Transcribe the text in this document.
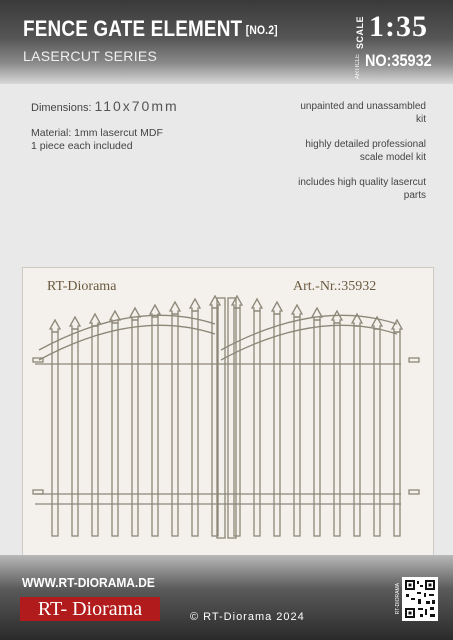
FENCE GATE ELEMENT [NO.2]
LASERCUT SERIES
SCALE 1:35
ARTICLE NO:35932
Dimensions: 110x70mm
Material: 1mm lasercut MDF
1 piece each included

unpainted and unassambled kit

highly detailed professional scale model kit

includes high quality lasercut parts

RT-Diorama	Art.-Nr.:35932
WWW.RT-DIORAMA.DE
RT- Diorama	© RT-Diorama 2024
RT-DIORAMA
